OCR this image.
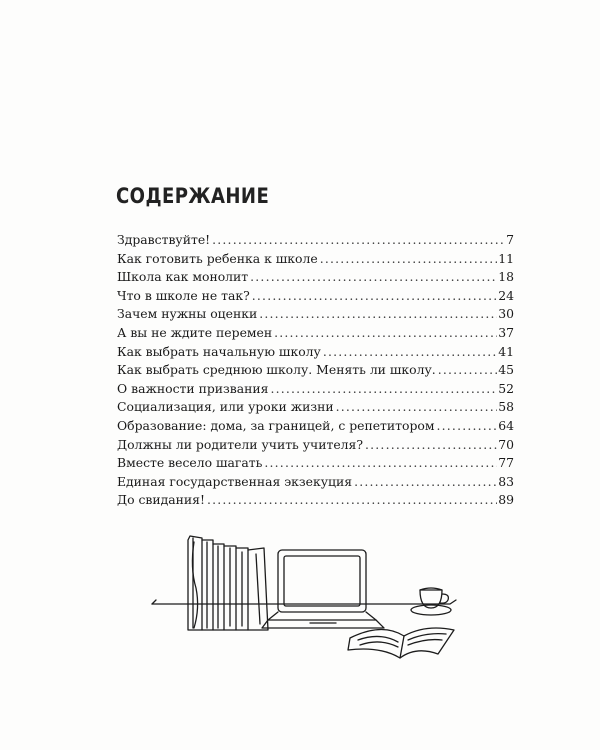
СОДЕРЖАНИЕ
Здравствуйте! .....	7
Как готовить ребенка к школе .....	11
Школа как монолит .....	18
Что в школе не так? .....	24
Зачем нужны оценки .....	30
А вы не ждите перемен .....	37
Как выбрать начальную школу .....	41
Как выбрать среднюю школу. Менять ли школу. .....	45
О важности призвания .....	52
Социализация, или уроки жизни .....	58
Образование: дома, за границей, с репетитором .....	64
Должны ли родители учить учителя? .....	70
Вместе весело шагать .....	77
Единая государственная экзекуция .....	83
До свидания! .....	89
